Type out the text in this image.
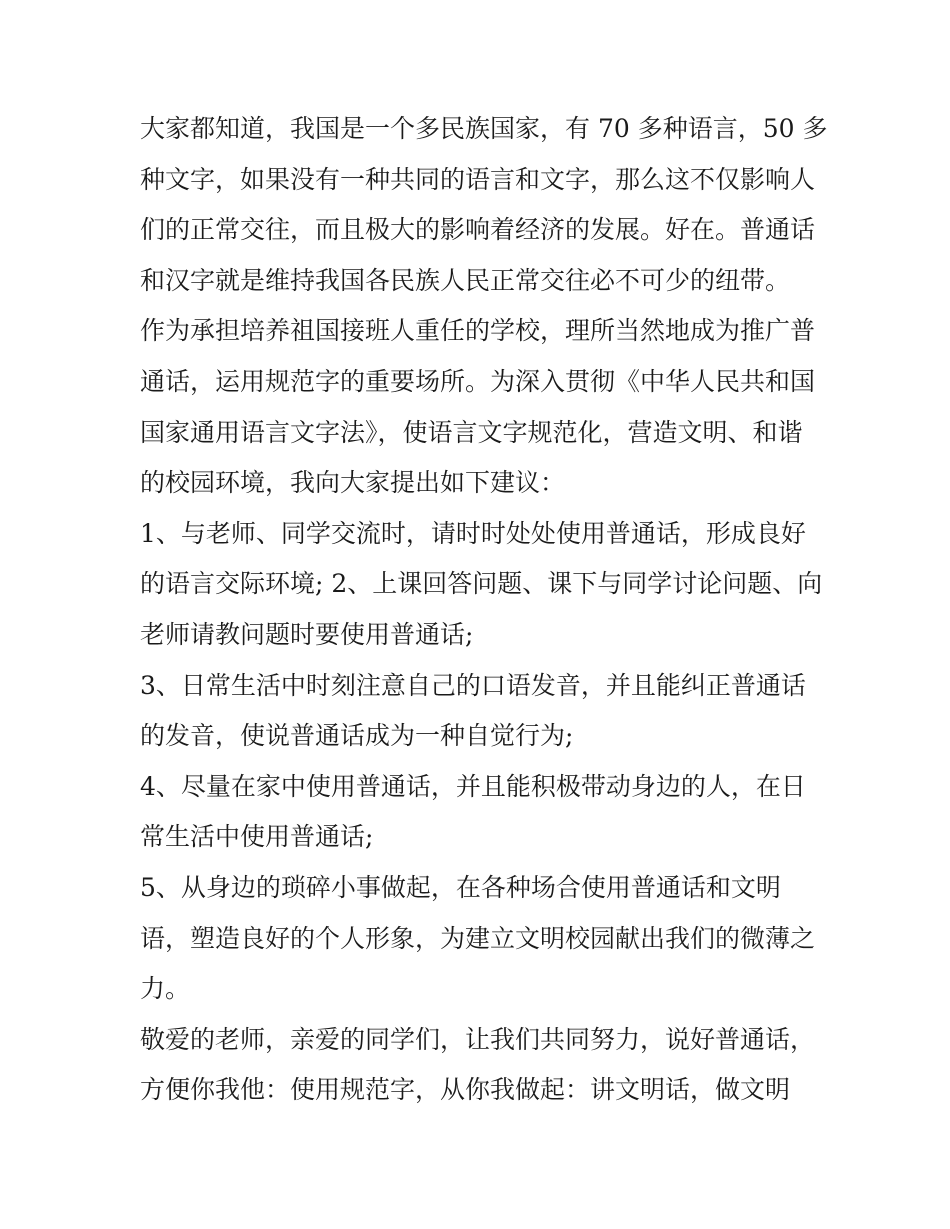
大家都知道，我国是一个多民族国家，有 70 多种语言，50 多
种文字，如果没有一种共同的语言和文字，那么这不仅影响人
们的正常交往，而且极大的影响着经济的发展。好在。普通话
和汉字就是维持我国各民族人民正常交往必不可少的纽带。

作为承担培养祖国接班人重任的学校，理所当然地成为推广普
通话，运用规范字的重要场所。为深入贯彻《中华人民共和国
国家通用语言文字法》，使语言文字规范化，营造文明、和谐
的校园环境，我向大家提出如下建议：

1、与老师、同学交流时，请时时处处使用普通话，形成良好
的语言交际环境; 2、上课回答问题、课下与同学讨论问题、向
老师请教问题时要使用普通话;

3、日常生活中时刻注意自己的口语发音，并且能纠正普通话
的发音，使说普通话成为一种自觉行为;

4、尽量在家中使用普通话，并且能积极带动身边的人，在日
常生活中使用普通话;

5、从身边的琐碎小事做起，在各种场合使用普通话和文明
语，塑造良好的个人形象，为建立文明校园献出我们的微薄之
力。

敬爱的老师，亲爱的同学们，让我们共同努力，说好普通话，
方便你我他：使用规范字，从你我做起：讲文明话，做文明
